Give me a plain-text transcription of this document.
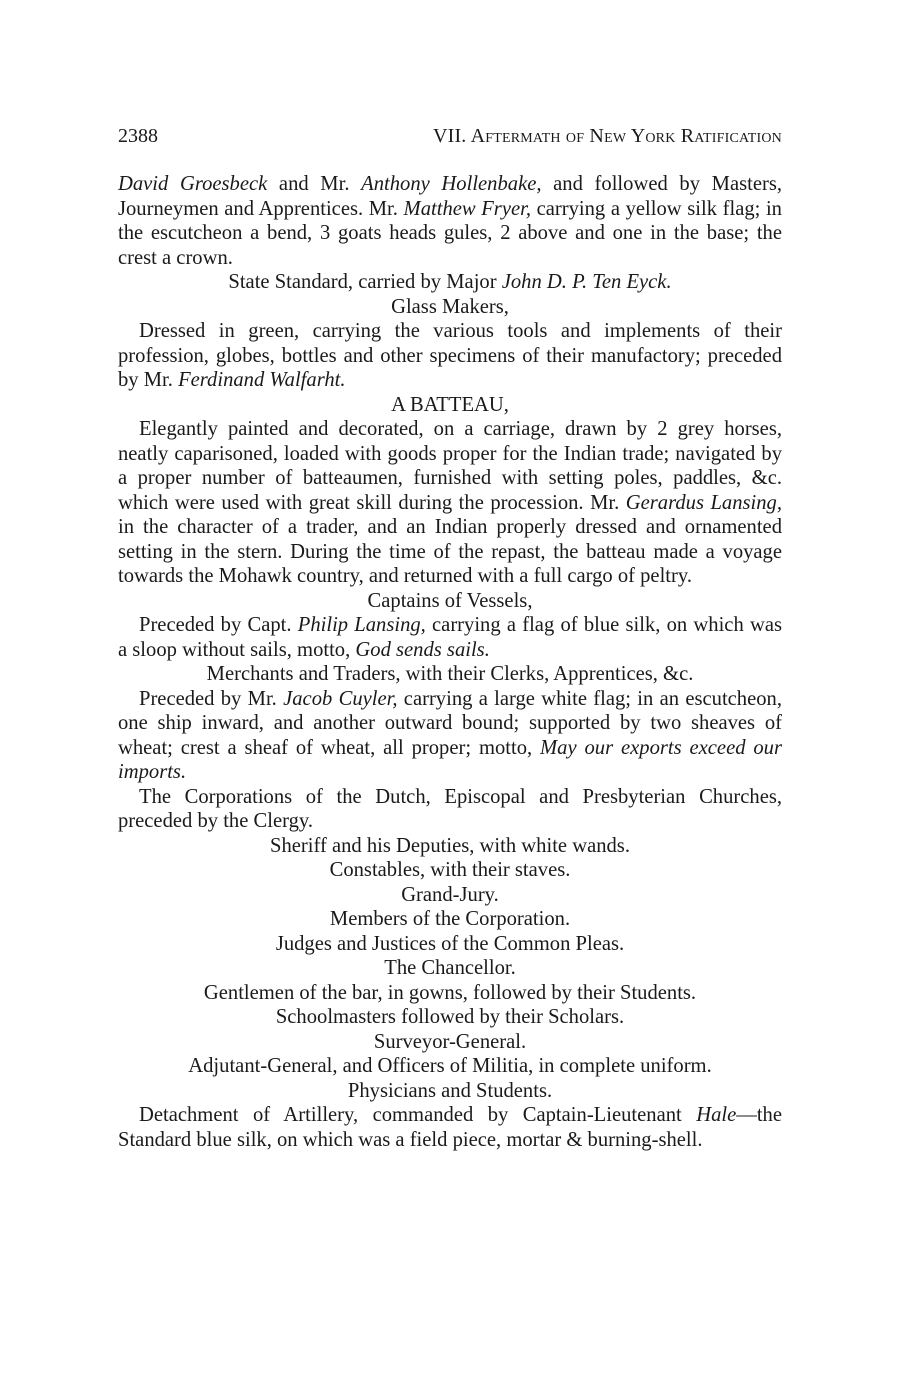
2388	VII. Aftermath of New York Ratification

David Groesbeck and Mr. Anthony Hollenbake, and followed by Masters, Journeymen and Apprentices. Mr. Matthew Fryer, carrying a yellow silk flag; in the escutcheon a bend, 3 goats heads gules, 2 above and one in the base; the crest a crown.

State Standard, carried by Major John D. P. Ten Eyck.

Glass Makers,

Dressed in green, carrying the various tools and implements of their profession, globes, bottles and other specimens of their manufactory; preceded by Mr. Ferdinand Walfarht.

A BATTEAU,

Elegantly painted and decorated, on a carriage, drawn by 2 grey horses, neatly caparisoned, loaded with goods proper for the Indian trade; navigated by a proper number of batteaumen, furnished with setting poles, paddles, &c. which were used with great skill during the procession. Mr. Gerardus Lansing, in the character of a trader, and an Indian properly dressed and ornamented setting in the stern. During the time of the repast, the batteau made a voyage towards the Mohawk country, and returned with a full cargo of peltry.

Captains of Vessels,

Preceded by Capt. Philip Lansing, carrying a flag of blue silk, on which was a sloop without sails, motto, God sends sails.

Merchants and Traders, with their Clerks, Apprentices, &c.

Preceded by Mr. Jacob Cuyler, carrying a large white flag; in an escutcheon, one ship inward, and another outward bound; supported by two sheaves of wheat; crest a sheaf of wheat, all proper; motto, May our exports exceed our imports.

The Corporations of the Dutch, Episcopal and Presbyterian Churches, preceded by the Clergy.

Sheriff and his Deputies, with white wands.

Constables, with their staves.

Grand-Jury.

Members of the Corporation.

Judges and Justices of the Common Pleas.

The Chancellor.

Gentlemen of the bar, in gowns, followed by their Students.

Schoolmasters followed by their Scholars.

Surveyor-General.

Adjutant-General, and Officers of Militia, in complete uniform.

Physicians and Students.

Detachment of Artillery, commanded by Captain-Lieutenant Hale—the Standard blue silk, on which was a field piece, mortar & burning-shell.
